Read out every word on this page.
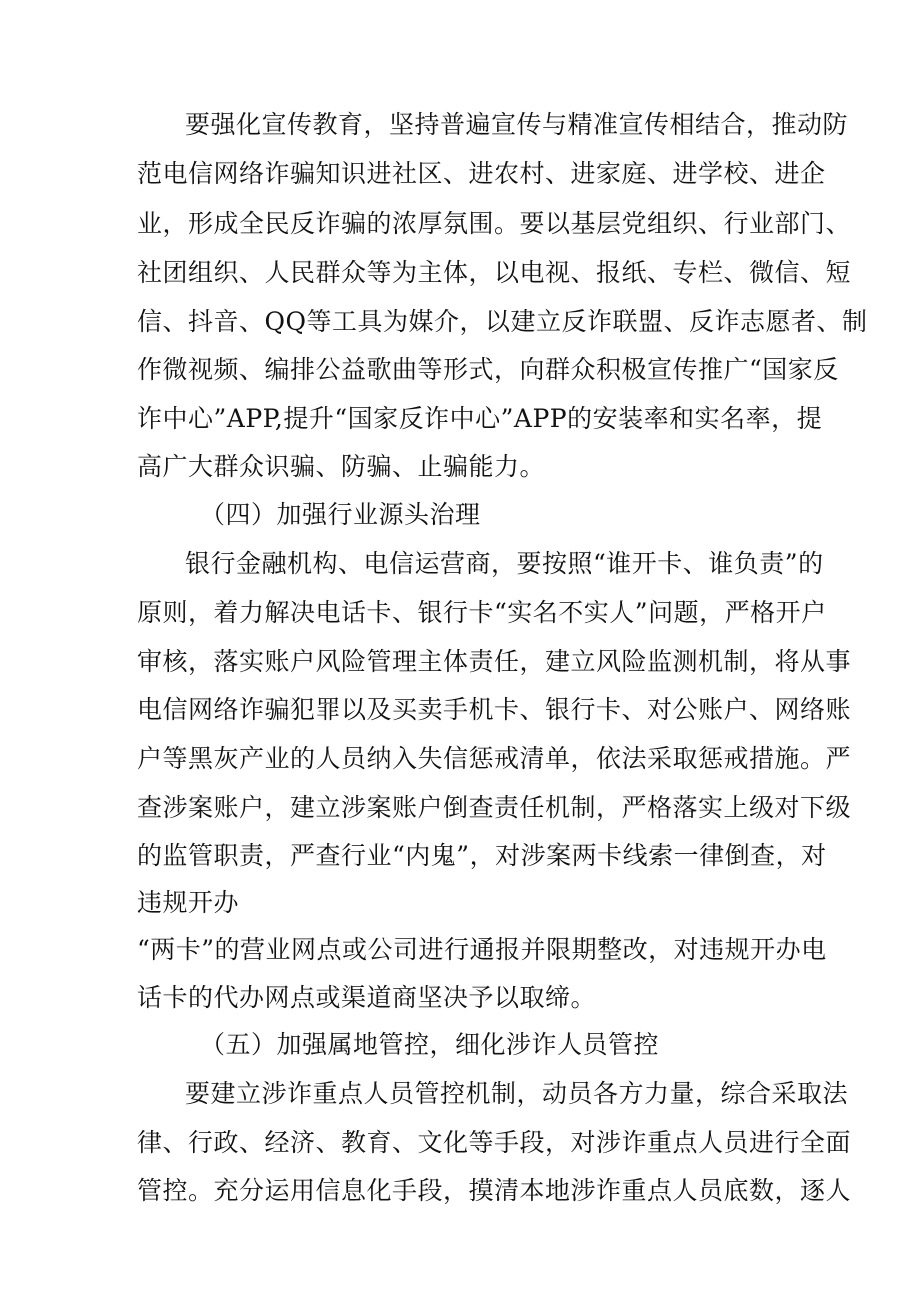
要强化宣传教育，坚持普遍宣传与精准宣传相结合，推动防
范电信网络诈骗知识进社区、进农村、进家庭、进学校、进企
业，形成全民反诈骗的浓厚氛围。要以基层党组织、行业部门、
社团组织、人民群众等为主体，以电视、报纸、专栏、微信、短
信、抖音、QQ等工具为媒介，以建立反诈联盟、反诈志愿者、制
作微视频、编排公益歌曲等形式，向群众积极宣传推广“国家反
诈中心”APP,提升“国家反诈中心”APP的安装率和实名率，提
高广大群众识骗、防骗、止骗能力。
（四）加强行业源头治理
银行金融机构、电信运营商，要按照“谁开卡、谁负责”的
原则，着力解决电话卡、银行卡“实名不实人”问题，严格开户
审核，落实账户风险管理主体责任，建立风险监测机制，将从事
电信网络诈骗犯罪以及买卖手机卡、银行卡、对公账户、网络账
户等黑灰产业的人员纳入失信惩戒清单，依法采取惩戒措施。严
查涉案账户，建立涉案账户倒查责任机制，严格落实上级对下级
的监管职责，严查行业“内鬼”，对涉案两卡线索一律倒查，对
违规开办
“两卡”的营业网点或公司进行通报并限期整改，对违规开办电
话卡的代办网点或渠道商坚决予以取缔。
（五）加强属地管控，细化涉诈人员管控
要建立涉诈重点人员管控机制，动员各方力量，综合采取法
律、行政、经济、教育、文化等手段，对涉诈重点人员进行全面
管控。充分运用信息化手段，摸清本地涉诈重点人员底数，逐人
